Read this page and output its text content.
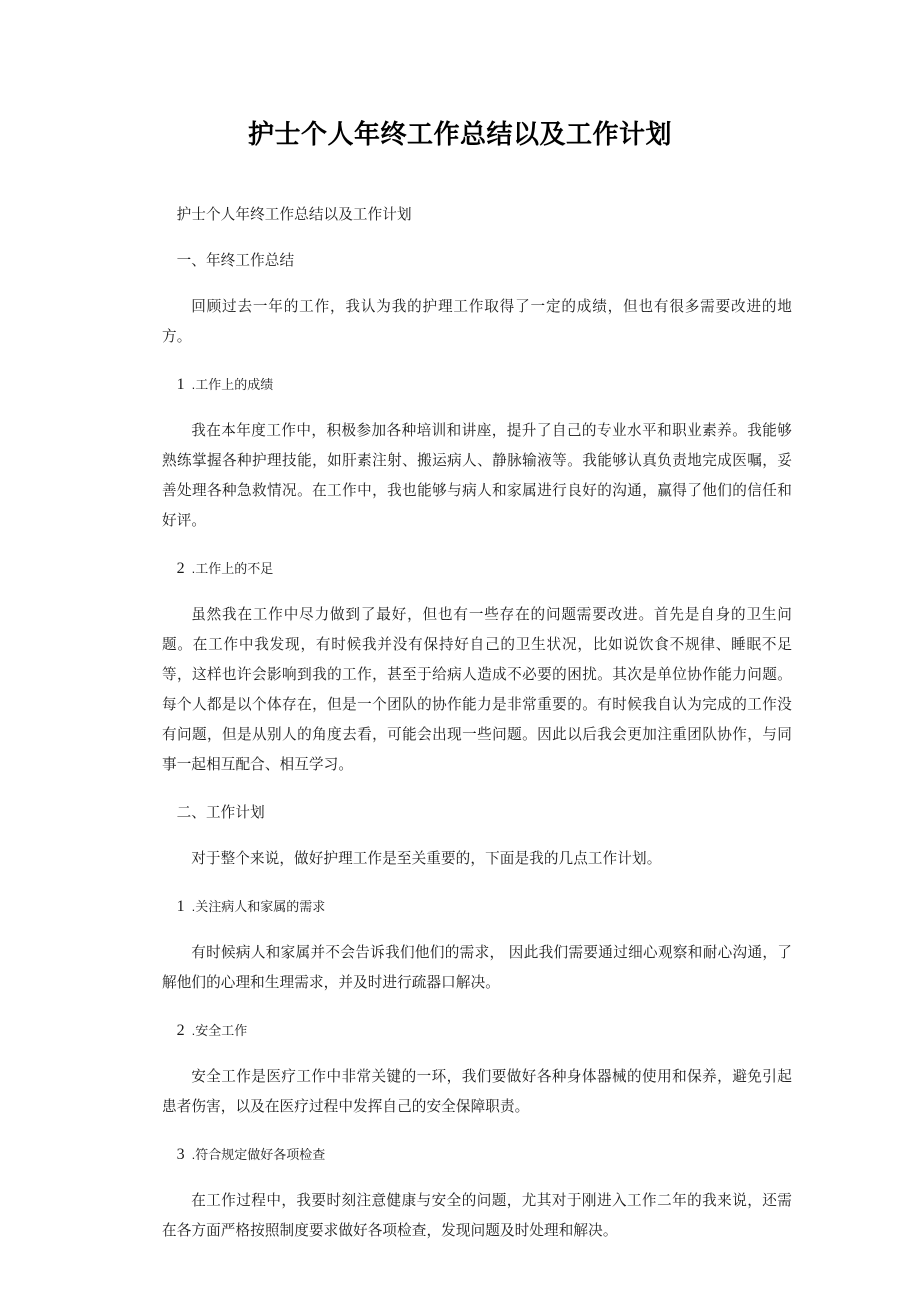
护士个人年终工作总结以及工作计划

护士个人年终工作总结以及工作计划

一、年终工作总结

回顾过去一年的工作，我认为我的护理工作取得了一定的成绩，但也有很多需要改进的地方。

1 .工作上的成绩

我在本年度工作中，积极参加各种培训和讲座，提升了自己的专业水平和职业素养。我能够熟练掌握各种护理技能，如肝素注射、搬运病人、静脉输液等。我能够认真负责地完成医嘱，妥善处理各种急救情况。在工作中，我也能够与病人和家属进行良好的沟通，赢得了他们的信任和好评。

2 .工作上的不足

虽然我在工作中尽力做到了最好，但也有一些存在的问题需要改进。首先是自身的卫生问题。在工作中我发现，有时候我并没有保持好自己的卫生状况，比如说饮食不规律、睡眠不足等，这样也许会影响到我的工作，甚至于给病人造成不必要的困扰。其次是单位协作能力问题。每个人都是以个体存在，但是一个团队的协作能力是非常重要的。有时候我自认为完成的工作没有问题，但是从别人的角度去看，可能会出现一些问题。因此以后我会更加注重团队协作，与同事一起相互配合、相互学习。

二、工作计划

对于整个来说，做好护理工作是至关重要的，下面是我的几点工作计划。

1 .关注病人和家属的需求

有时候病人和家属并不会告诉我们他们的需求， 因此我们需要通过细心观察和耐心沟通，了解他们的心理和生理需求，并及时进行疏器口解决。

2 .安全工作

安全工作是医疗工作中非常关键的一环，我们要做好各种身体器械的使用和保养，避免引起患者伤害，以及在医疗过程中发挥自己的安全保障职责。

3 .符合规定做好各项检查

在工作过程中，我要时刻注意健康与安全的问题，尤其对于刚进入工作二年的我来说，还需在各方面严格按照制度要求做好各项检查，发现问题及时处理和解决。
